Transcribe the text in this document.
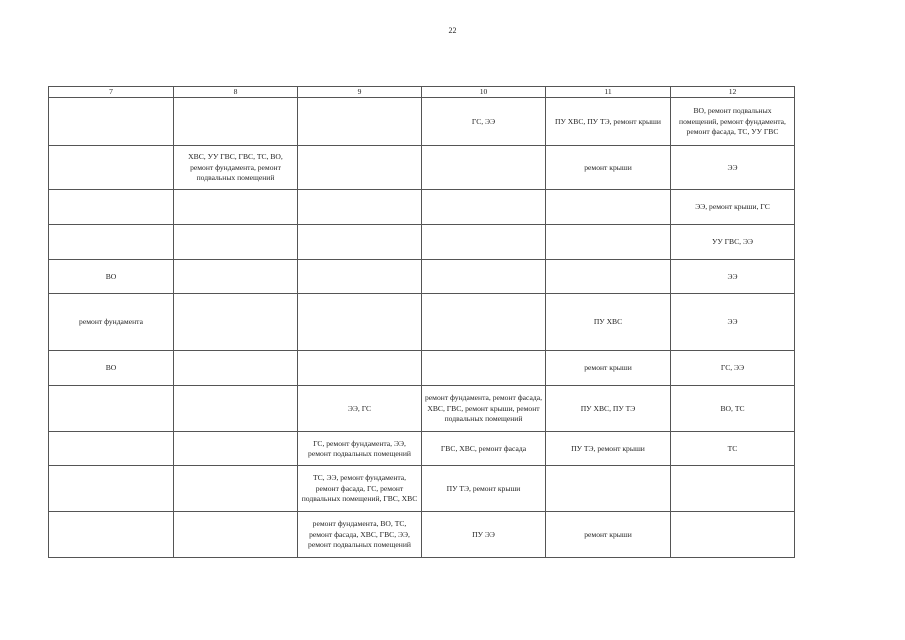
22
7	8	9	10	11	12
			ГС, ЭЭ	ПУ ХВС, ПУ ТЭ, ремонт крыши	ВО, ремонт подвальных помещений, ремонт фундамента, ремонт фасада, ТС, УУ ГВС
	ХВС, УУ ГВС, ГВС, ТС, ВО, ремонт фундамента, ремонт подвальных помещений			ремонт крыши	ЭЭ
					ЭЭ, ремонт крыши, ГС
					УУ ГВС, ЭЭ
ВО					ЭЭ
ремонт фундамента				ПУ ХВС	ЭЭ
ВО				ремонт крыши	ГС, ЭЭ
		ЭЭ, ГС	ремонт фундамента, ремонт фасада, ХВС, ГВС, ремонт крыши, ремонт подвальных помещений	ПУ ХВС, ПУ ТЭ	ВО, ТС
		ГС, ремонт фундамента, ЭЭ, ремонт подвальных помещений	ГВС, ХВС, ремонт фасада	ПУ ТЭ, ремонт крыши	ТС
		ТС, ЭЭ, ремонт фундамента, ремонт фасада, ГС, ремонт подвальных помещений, ГВС, ХВС	ПУ ТЭ, ремонт крыши		
		ремонт фундамента, ВО, ТС, ремонт фасада, ХВС, ГВС, ЭЭ, ремонт подвальных помещений	ПУ ЭЭ	ремонт крыши	
